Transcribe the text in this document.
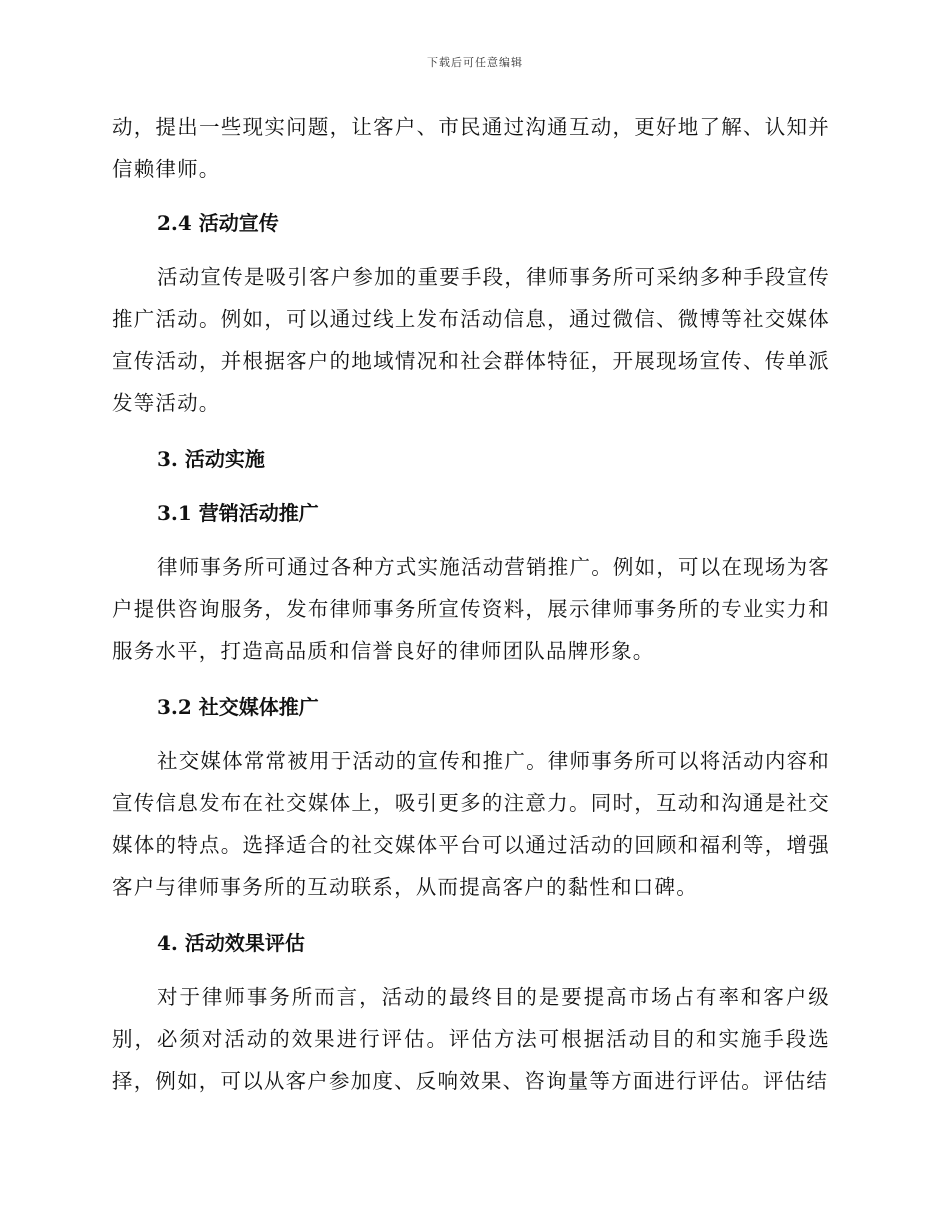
下载后可任意编辑

动，提出一些现实问题，让客户、市民通过沟通互动，更好地了解、认知并信赖律师。

2.4 活动宣传

活动宣传是吸引客户参加的重要手段，律师事务所可采纳多种手段宣传推广活动。例如，可以通过线上发布活动信息，通过微信、微博等社交媒体宣传活动，并根据客户的地域情况和社会群体特征，开展现场宣传、传单派发等活动。

3. 活动实施
3.1 营销活动推广

律师事务所可通过各种方式实施活动营销推广。例如，可以在现场为客户提供咨询服务，发布律师事务所宣传资料，展示律师事务所的专业实力和服务水平，打造高品质和信誉良好的律师团队品牌形象。

3.2 社交媒体推广

社交媒体常常被用于活动的宣传和推广。律师事务所可以将活动内容和宣传信息发布在社交媒体上，吸引更多的注意力。同时，互动和沟通是社交媒体的特点。选择适合的社交媒体平台可以通过活动的回顾和福利等，增强客户与律师事务所的互动联系，从而提高客户的黏性和口碑。

4. 活动效果评估

对于律师事务所而言，活动的最终目的是要提高市场占有率和客户级别，必须对活动的效果进行评估。评估方法可根据活动目的和实施手段选择，例如，可以从客户参加度、反响效果、咨询量等方面进行评估。评估结
